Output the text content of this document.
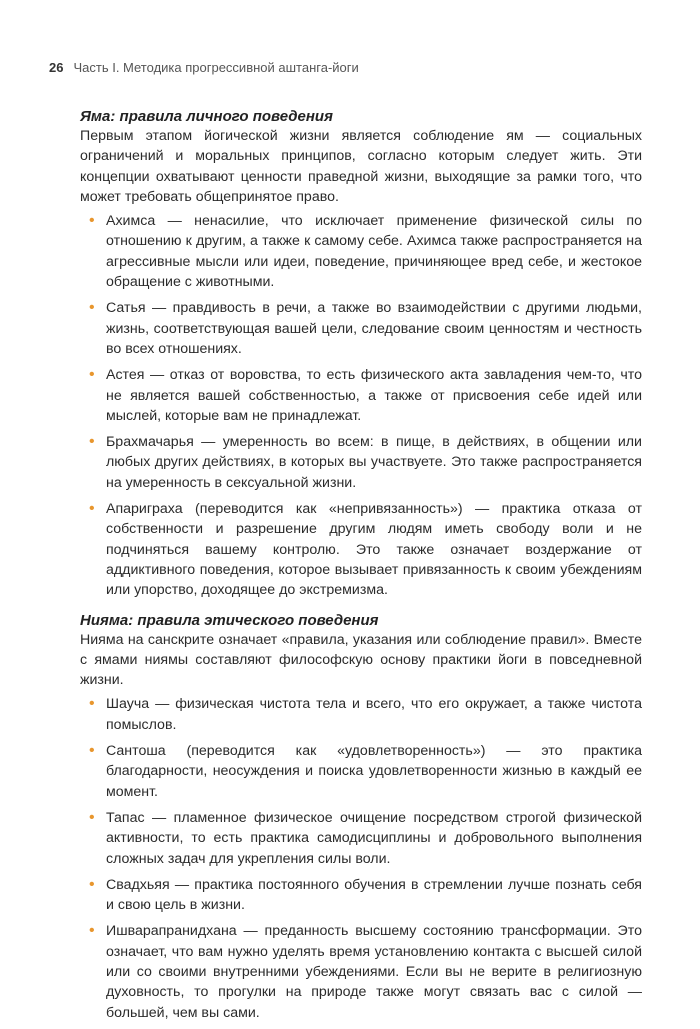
26 Часть I. Методика прогрессивной аштанга-йоги
Яма: правила личного поведения

Первым этапом йогической жизни является соблюдение ям — социальных ограничений и моральных принципов, согласно которым следует жить. Эти концепции охватывают ценности праведной жизни, выходящие за рамки того, что может требовать общепринятое право.

• Ахимса — ненасилие, что исключает применение физической силы по отношению к другим, а также к самому себе. Ахимса также распространяется на агрессивные мысли или идеи, поведение, причиняющее вред себе, и жестокое обращение с животными.
• Сатья — правдивость в речи, а также во взаимодействии с другими людьми, жизнь, соответствующая вашей цели, следование своим ценностям и честность во всех отношениях.
• Астея — отказ от воровства, то есть физического акта завладения чем-то, что не является вашей собственностью, а также от присвоения себе идей или мыслей, которые вам не принадлежат.
• Брахмачарья — умеренность во всем: в пище, в действиях, в общении или любых других действиях, в которых вы участвуете. Это также распространяется на умеренность в сексуальной жизни.
• Апариграха (переводится как «непривязанность») — практика отказа от собственности и разрешение другим людям иметь свободу воли и не подчиняться вашему контролю. Это также означает воздержание от аддиктивного поведения, которое вызывает привязанность к своим убеждениям или упорство, доходящее до экстремизма.
Нияма: правила этического поведения

Нияма на санскрите означает «правила, указания или соблюдение правил». Вместе с ямами ниямы составляют философскую основу практики йоги в повседневной жизни.

• Шауча — физическая чистота тела и всего, что его окружает, а также чистота помыслов.
• Сантоша (переводится как «удовлетворенность») — это практика благодарности, неосуждения и поиска удовлетворенности жизнью в каждый ее момент.
• Тапас — пламенное физическое очищение посредством строгой физической активности, то есть практика самодисциплины и добровольного выполнения сложных задач для укрепления силы воли.
• Свадхьяя — практика постоянного обучения в стремлении лучше познать себя и свою цель в жизни.
• Ишварапранидхана — преданность высшему состоянию трансформации. Это означает, что вам нужно уделять время установлению контакта с высшей силой или со своими внутренними убеждениями. Если вы не верите в религиозную духовность, то прогулки на природе также могут связать вас с силой — большей, чем вы сами.
